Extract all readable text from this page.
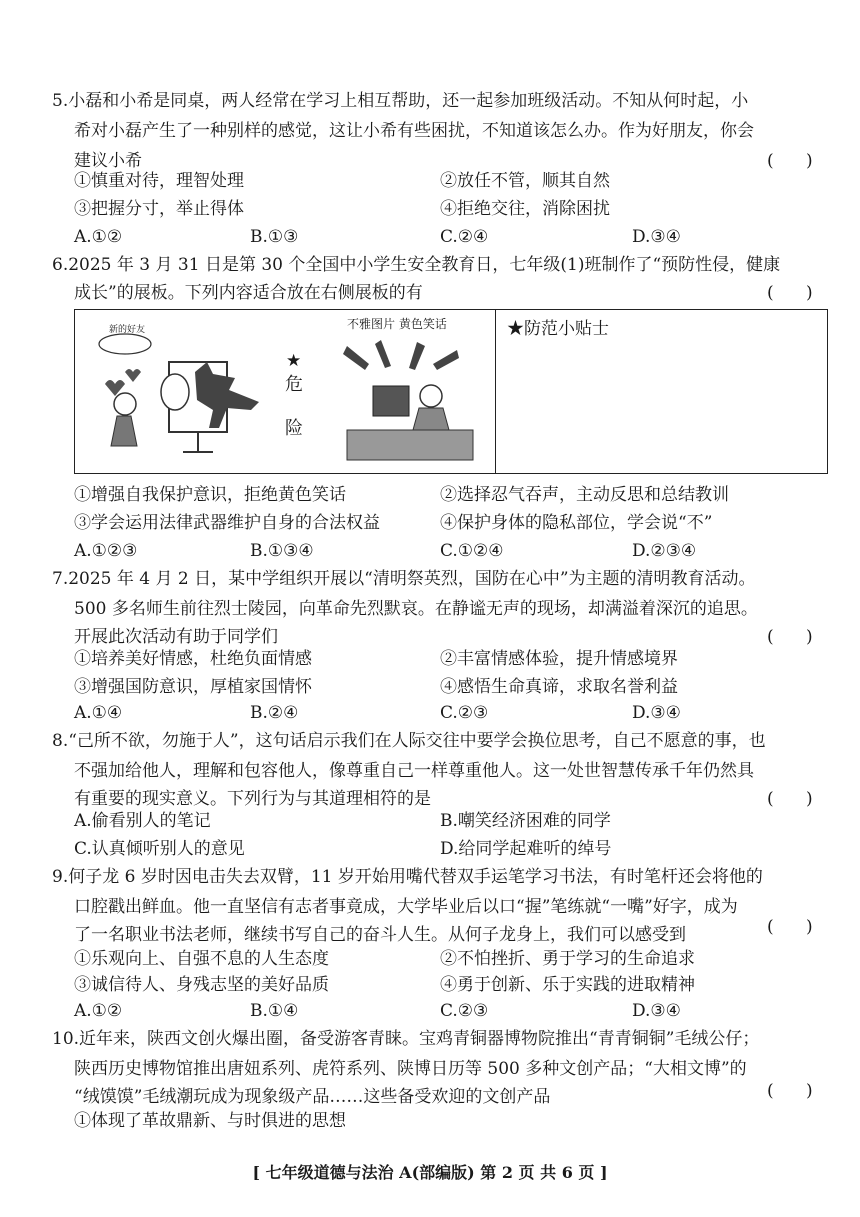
5.小磊和小希是同桌，两人经常在学习上相互帮助，还一起参加班级活动。不知从何时起，小
希对小磊产生了一种别样的感觉，这让小希有些困扰，不知道该怎么办。作为好朋友，你会
建议小希	(      )
①慎重对待，理智处理	②放任不管，顺其自然
③把握分寸，举止得体	④拒绝交往，消除困扰
A.①②	B.①③	C.②④	D.③④
6.2025 年 3 月 31 日是第 30 个全国中小学生安全教育日，七年级(1)班制作了“预防性侵，健康
成长”的展板。下列内容适合放在右侧展板的有	(      )
新的好友
★
危
险
不雅图片 黄色笑话	★防范小贴士
①增强自我保护意识，拒绝黄色笑话	②选择忍气吞声，主动反思和总结教训
③学会运用法律武器维护自身的合法权益	④保护身体的隐私部位，学会说“不”
A.①②③	B.①③④	C.①②④	D.②③④
7.2025 年 4 月 2 日，某中学组织开展以“清明祭英烈，国防在心中”为主题的清明教育活动。
500 多名师生前往烈士陵园，向革命先烈默哀。在静谧无声的现场，却满溢着深沉的追思。
开展此次活动有助于同学们	(      )
①培养美好情感，杜绝负面情感	②丰富情感体验，提升情感境界
③增强国防意识，厚植家国情怀	④感悟生命真谛，求取名誉利益
A.①④	B.②④	C.②③	D.③④
8.“己所不欲，勿施于人”，这句话启示我们在人际交往中要学会换位思考，自己不愿意的事，也
不强加给他人，理解和包容他人，像尊重自己一样尊重他人。这一处世智慧传承千年仍然具
有重要的现实意义。下列行为与其道理相符的是	(      )
A.偷看别人的笔记	B.嘲笑经济困难的同学
C.认真倾听别人的意见	D.给同学起难听的绰号
9.何子龙 6 岁时因电击失去双臂，11 岁开始用嘴代替双手运笔学习书法，有时笔杆还会将他的
口腔戳出鲜血。他一直坚信有志者事竟成，大学毕业后以口“握”笔练就“一嘴”好字，成为
了一名职业书法老师，继续书写自己的奋斗人生。从何子龙身上，我们可以感受到	(      )
①乐观向上、自强不息的人生态度	②不怕挫折、勇于学习的生命追求
③诚信待人、身残志坚的美好品质	④勇于创新、乐于实践的进取精神
A.①②	B.①④	C.②③	D.③④
10.近年来，陕西文创火爆出圈，备受游客青睐。宝鸡青铜器博物院推出“青青铜铜”毛绒公仔；
陕西历史博物馆推出唐妞系列、虎符系列、陕博日历等 500 多种文创产品；“大相文博”的
“绒馍馍”毛绒潮玩成为现象级产品……这些备受欢迎的文创产品	(      )
①体现了革故鼎新、与时俱进的思想
[ 七年级道德与法治 A(部编版) 第 2 页 共 6 页 ]
